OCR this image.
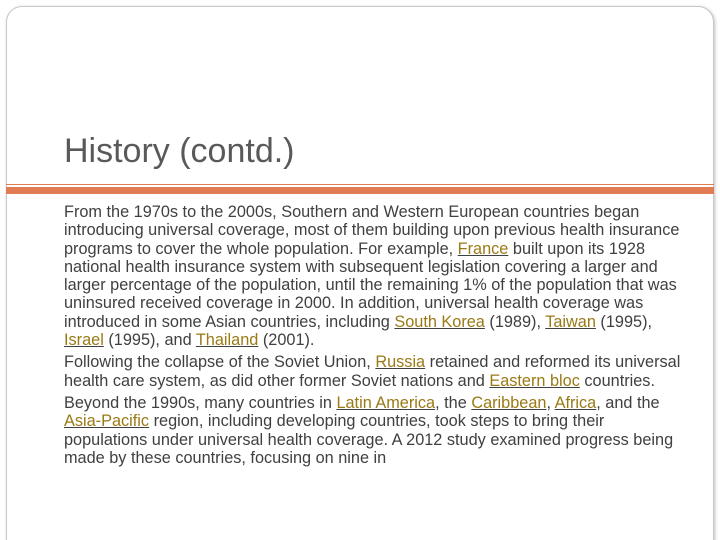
History (contd.)

From the 1970s to the 2000s, Southern and Western European countries began introducing universal coverage, most of them building upon previous health insurance programs to cover the whole population. For example, France built upon its 1928 national health insurance system with subsequent legislation covering a larger and larger percentage of the population, until the remaining 1% of the population that was uninsured received coverage in 2000. In addition, universal health coverage was introduced in some Asian countries, including South Korea (1989), Taiwan (1995), Israel (1995), and Thailand (2001).

Following the collapse of the Soviet Union, Russia retained and reformed its universal health care system, as did other former Soviet nations and Eastern bloc countries.

Beyond the 1990s, many countries in Latin America, the Caribbean, Africa, and the Asia-Pacific region, including developing countries, took steps to bring their populations under universal health coverage. A 2012 study examined progress being made by these countries, focusing on nine in
